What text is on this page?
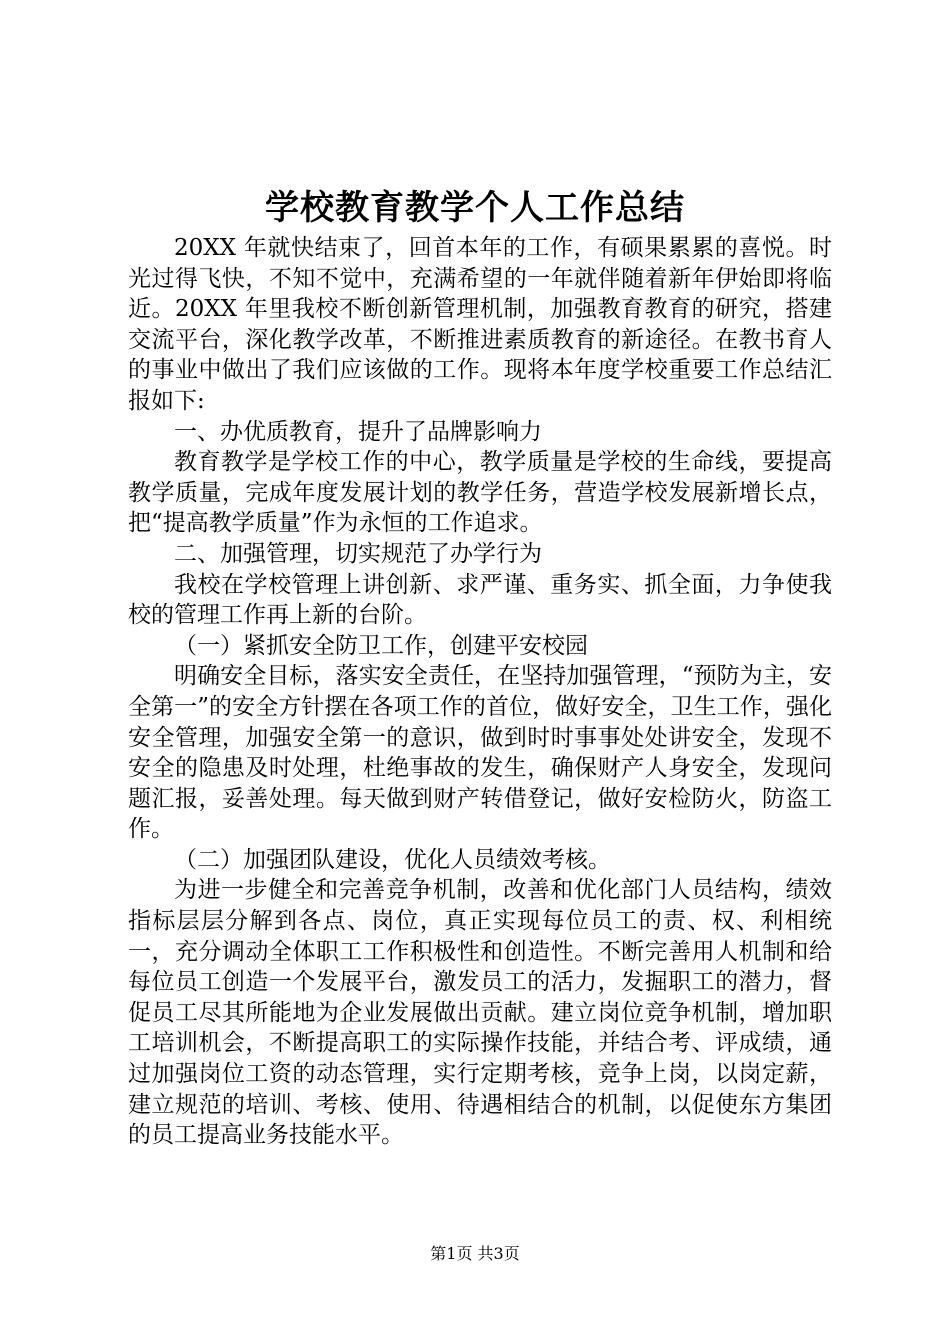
学校教育教学个人工作总结

20XX 年就快结束了，回首本年的工作，有硕果累累的喜悦。时光过得飞快，不知不觉中，充满希望的一年就伴随着新年伊始即将临近。20XX 年里我校不断创新管理机制，加强教育教育的研究，搭建交流平台，深化教学改革，不断推进素质教育的新途径。在教书育人的事业中做出了我们应该做的工作。现将本年度学校重要工作总结汇报如下:

一、办优质教育，提升了品牌影响力

教育教学是学校工作的中心，教学质量是学校的生命线，要提高教学质量，完成年度发展计划的教学任务，营造学校发展新增长点，把“提高教学质量”作为永恒的工作追求。

二、加强管理，切实规范了办学行为

我校在学校管理上讲创新、求严谨、重务实、抓全面，力争使我校的管理工作再上新的台阶。

（一）紧抓安全防卫工作，创建平安校园

明确安全目标，落实安全责任，在坚持加强管理，“预防为主，安全第一”的安全方针摆在各项工作的首位，做好安全，卫生工作，强化安全管理，加强安全第一的意识，做到时时事事处处讲安全，发现不安全的隐患及时处理，杜绝事故的发生，确保财产人身安全，发现问题汇报，妥善处理。每天做到财产转借登记，做好安检防火，防盗工作。

（二）加强团队建设，优化人员绩效考核。

为进一步健全和完善竞争机制，改善和优化部门人员结构，绩效指标层层分解到各点、岗位，真正实现每位员工的责、权、利相统一，充分调动全体职工工作积极性和创造性。不断完善用人机制和给每位员工创造一个发展平台，激发员工的活力，发掘职工的潜力，督促员工尽其所能地为企业发展做出贡献。建立岗位竞争机制，增加职工培训机会，不断提高职工的实际操作技能，并结合考、评成绩，通过加强岗位工资的动态管理，实行定期考核，竞争上岗，以岗定薪，建立规范的培训、考核、使用、待遇相结合的机制，以促使东方集团的员工提高业务技能水平。

第1页 共3页
